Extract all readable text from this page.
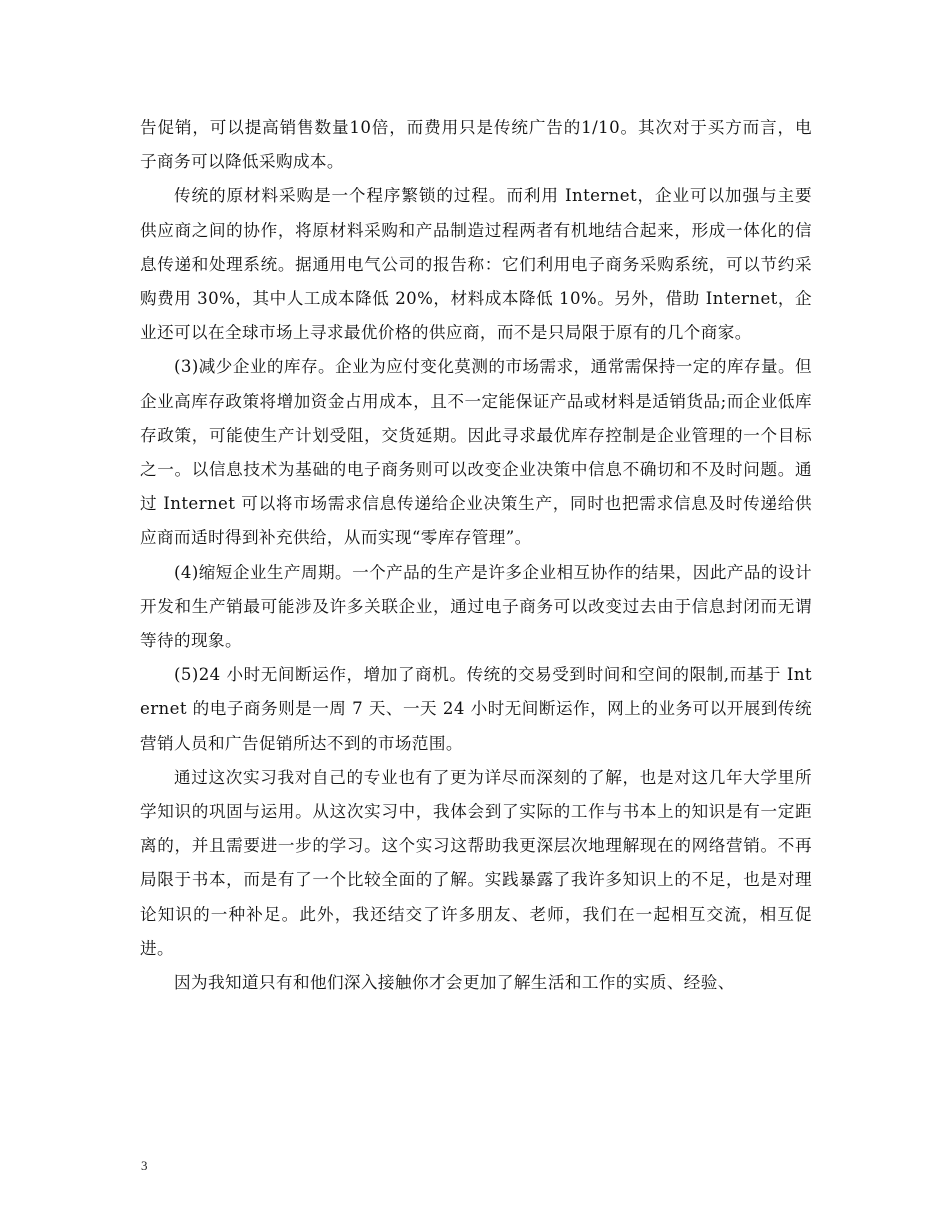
告促销，可以提高销售数量10倍，而费用只是传统广告的1/10。其次对于买方而言，电子商务可以降低采购成本。

传统的原材料采购是一个程序繁锁的过程。而利用 Internet，企业可以加强与主要供应商之间的协作，将原材料采购和产品制造过程两者有机地结合起来，形成一体化的信息传递和处理系统。据通用电气公司的报告称：它们利用电子商务采购系统，可以节约采购费用 30%，其中人工成本降低 20%，材料成本降低 10%。另外，借助 Internet，企业还可以在全球市场上寻求最优价格的供应商，而不是只局限于原有的几个商家。

(3)减少企业的库存。企业为应付变化莫测的市场需求，通常需保持一定的库存量。但企业高库存政策将增加资金占用成本，且不一定能保证产品或材料是适销货品;而企业低库存政策，可能使生产计划受阻，交货延期。因此寻求最优库存控制是企业管理的一个目标之一。以信息技术为基础的电子商务则可以改变企业决策中信息不确切和不及时问题。通过 Internet 可以将市场需求信息传递给企业决策生产，同时也把需求信息及时传递给供应商而适时得到补充供给，从而实现“零库存管理”。

(4)缩短企业生产周期。一个产品的生产是许多企业相互协作的结果，因此产品的设计开发和生产销最可能涉及许多关联企业，通过电子商务可以改变过去由于信息封闭而无谓等待的现象。

(5)24 小时无间断运作，增加了商机。传统的交易受到时间和空间的限制,而基于 Internet 的电子商务则是一周 7 天、一天 24 小时无间断运作，网上的业务可以开展到传统营销人员和广告促销所达不到的市场范围。

通过这次实习我对自己的专业也有了更为详尽而深刻的了解，也是对这几年大学里所学知识的巩固与运用。从这次实习中，我体会到了实际的工作与书本上的知识是有一定距离的，并且需要进一步的学习。这个实习这帮助我更深层次地理解现在的网络营销。不再局限于书本，而是有了一个比较全面的了解。实践暴露了我许多知识上的不足，也是对理论知识的一种补足。此外，我还结交了许多朋友、老师，我们在一起相互交流，相互促进。

因为我知道只有和他们深入接触你才会更加了解生活和工作的实质、经验、

3
